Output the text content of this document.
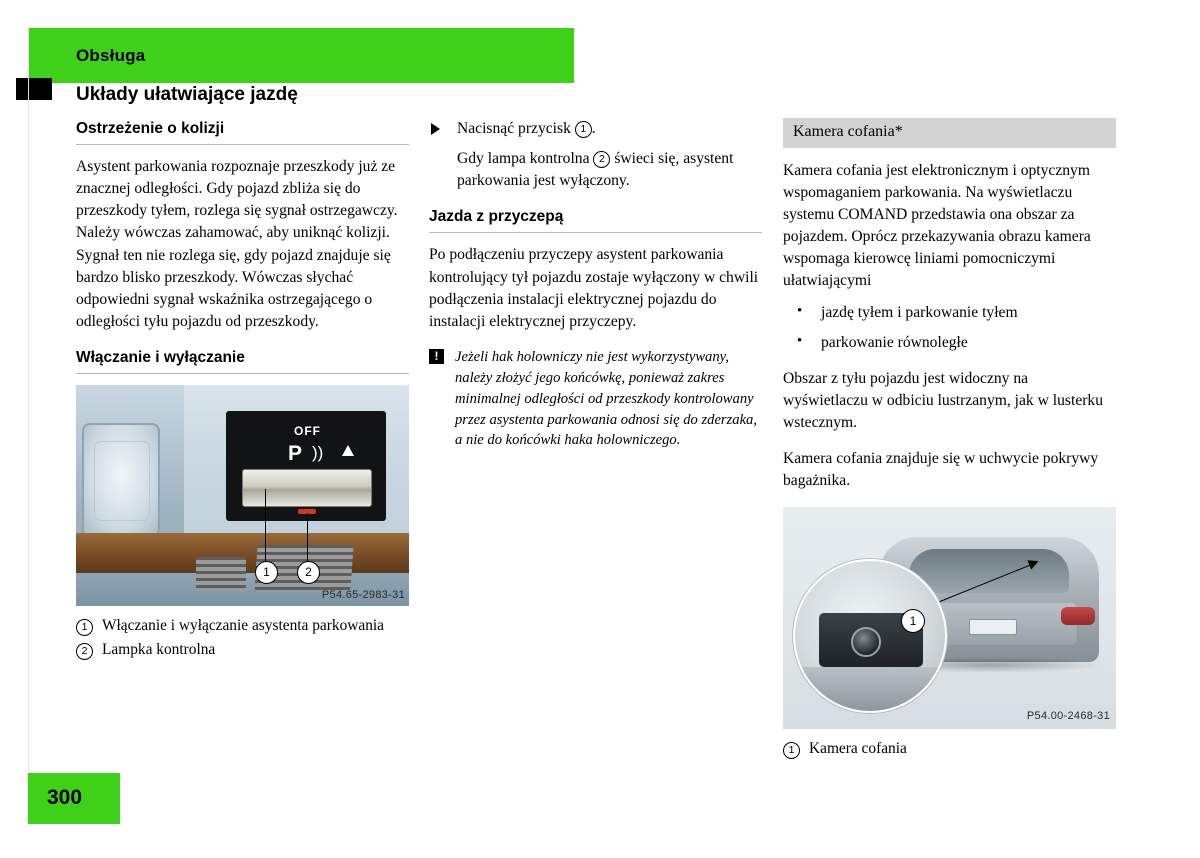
Obsługa
Układy ułatwiające jazdę
Ostrzeżenie o kolizji

Asystent parkowania rozpoznaje przeszkody już ze znacznej odległości. Gdy pojazd zbliża się do przeszkody tyłem, rozlega się sygnał ostrzegawczy. Należy wówczas zahamować, aby uniknąć kolizji. Sygnał ten nie rozlega się, gdy pojazd znajduje się bardzo blisko przeszkody. Wówczas słychać odpowiedni sygnał wskaźnika ostrzegającego o odległości tyłu pojazdu od przeszkody.

Włączanie i wyłączanie
OFF
P ))
1	2
P54.65-2983-31
1 Włączanie i wyłączanie asystenta parkowania
2 Lampka kontrolna
Nacisnąć przycisk 1 .
Gdy lampa kontrolna 2 świeci się, asystent parkowania jest wyłączony.
Jazda z przyczepą

Po podłączeniu przyczepy asystent parkowania kontrolujący tył pojazdu zostaje wyłączony w chwili podłączenia instalacji elektrycznej pojazdu do instalacji elektrycznej przyczepy.

!	Jeżeli hak holowniczy nie jest wykorzystywany, należy złożyć jego końcówkę, ponieważ zakres minimalnej odległości od przeszkody kontrolowany przez asystenta parkowania odnosi się do zderzaka, a nie do końcówki haka holowniczego.
Kamera cofania*

Kamera cofania jest elektronicznym i optycznym wspomaganiem parkowania. Na wyświetlaczu systemu COMAND przedstawia ona obszar za pojazdem. Oprócz przekazywania obrazu kamera wspomaga kierowcę liniami pomocniczymi ułatwiającymi

• jazdę tyłem i parkowanie tyłem
• parkowanie równoległe

Obszar z tyłu pojazdu jest widoczny na wyświetlaczu w odbiciu lustrzanym, jak w lusterku wstecznym.

Kamera cofania znajduje się w uchwycie pokrywy bagażnika.

1
P54.00-2468-31
1 Kamera cofania
300
